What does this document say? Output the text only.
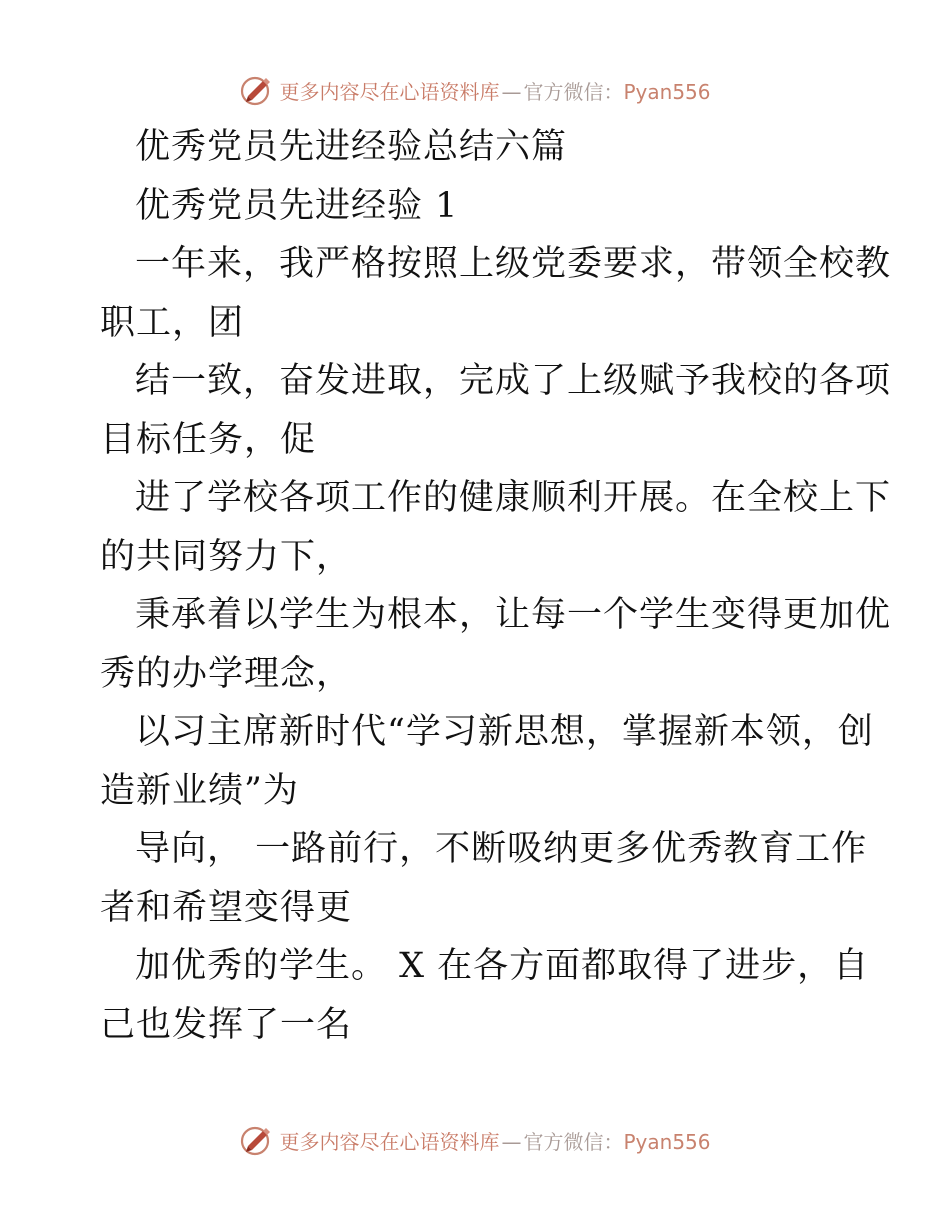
更多内容尽在心语资料库 — 官方微信：Pyan556
优秀党员先进经验总结六篇
优秀党员先进经验 1
一年来，我严格按照上级党委要求，带领全校教
职工，团
结一致，奋发进取，完成了上级赋予我校的各项
目标任务，促
进了学校各项工作的健康顺利开展。在全校上下
的共同努力下，
秉承着以学生为根本，让每一个学生变得更加优
秀的办学理念，
以习主席新时代“学习新思想，掌握新本领，创
造新业绩”为
导向， 一路前行，不断吸纳更多优秀教育工作
者和希望变得更
加优秀的学生。 X 在各方面都取得了进步，自
己也发挥了一名
更多内容尽在心语资料库 — 官方微信：Pyan556
